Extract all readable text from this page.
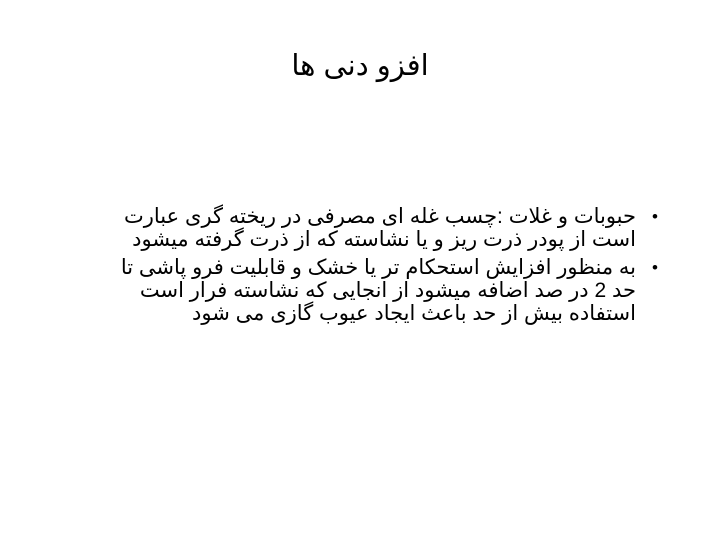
افزو دنی ها
•
حبوبات و غلات :چسب غله ای مصرفی در ریخته گری عبارت است از پودر ذرت ریز و یا نشاسته که از ذرت گرفته میشود
•
به منظور افزایش استحکام تر یا خشک و قابلیت فرو پاشی تا حد 2 در صد اضافه میشود از انجایی که نشاسته فرار است استفاده بیش از حد باعث ایجاد عیوب گازی می شود
